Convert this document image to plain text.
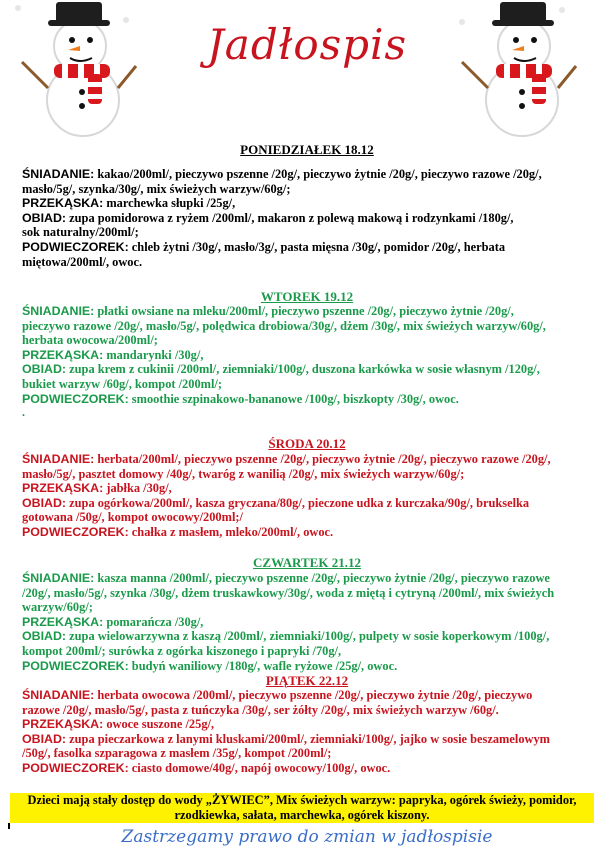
Jadłospis
PONIEDZIAŁEK 18.12
ŚNIADANIE: kakao/200ml/, pieczywo pszenne /20g/, pieczywo żytnie /20g/, pieczywo razowe /20g/,
masło/5g/, szynka/30g/, mix świeżych warzyw/60g/;
PRZEKĄSKA: marchewka słupki /25g/,
OBIAD: zupa pomidorowa z ryżem /200ml/, makaron z polewą makową i rodzynkami /180g/,
sok naturalny/200ml/;
PODWIECZOREK: chleb żytni /30g/, masło/3g/, pasta mięsna /30g/, pomidor /20g/, herbata
miętowa/200ml/, owoc.
WTOREK 19.12
ŚNIADANIE: płatki owsiane na mleku/200ml/, pieczywo pszenne /20g/, pieczywo żytnie /20g/,
pieczywo razowe /20g/, masło/5g/, polędwica drobiowa/30g/, dżem /30g/, mix świeżych warzyw/60g/,
herbata owocowa/200ml/;
PRZEKĄSKA: mandarynki /30g/,
OBIAD: zupa krem z cukinii /200ml/, ziemniaki/100g/, duszona karkówka w sosie własnym /120g/,
bukiet warzyw /60g/, kompot /200ml/;
PODWIECZOREK: smoothie szpinakowo-bananowe /100g/, biszkopty /30g/, owoc.
.
ŚRODA 20.12
ŚNIADANIE: herbata/200ml/, pieczywo pszenne /20g/, pieczywo żytnie /20g/, pieczywo razowe /20g/,
masło/5g/, pasztet domowy /40g/, twaróg z wanilią /20g/, mix świeżych warzyw/60g/;
PRZEKĄSKA: jabłka /30g/,
OBIAD: zupa ogórkowa/200ml/, kasza gryczana/80g/, pieczone udka z kurczaka/90g/, brukselka
gotowana /50g/, kompot owocowy/200ml;/
PODWIECZOREK: chałka z masłem, mleko/200ml/, owoc.
CZWARTEK 21.12
ŚNIADANIE: kasza manna /200ml/, pieczywo pszenne /20g/, pieczywo żytnie /20g/, pieczywo razowe
/20g/, masło/5g/, szynka /30g/, dżem truskawkowy/30g/, woda z miętą i cytryną /200ml/, mix świeżych
warzyw/60g/;
PRZEKĄSKA: pomarańcza /30g/,
OBIAD: zupa wielowarzywna z kaszą /200ml/, ziemniaki/100g/, pulpety w sosie koperkowym /100g/,
kompot 200ml/; surówka z ogórka kiszonego i papryki /70g/,
PODWIECZOREK: budyń waniliowy /180g/, wafle ryżowe /25g/, owoc.
PIĄTEK 22.12
ŚNIADANIE: herbata owocowa /200ml/, pieczywo pszenne /20g/, pieczywo żytnie /20g/, pieczywo
razowe /20g/, masło/5g/, pasta z tuńczyka /30g/, ser żółty /20g/, mix świeżych warzyw /60g/.
PRZEKĄSKA: owoce suszone /25g/,
OBIAD: zupa pieczarkowa z lanymi kluskami/200ml/, ziemniaki/100g/, jajko w sosie beszamelowym
/50g/, fasolka szparagowa z masłem /35g/, kompot /200ml/;
PODWIECZOREK: ciasto domowe/40g/, napój owocowy/100g/, owoc.
Dzieci mają stały dostęp do wody „ŻYWIEC”, Mix świeżych warzyw: papryka, ogórek świeży, pomidor,
rzodkiewka, sałata, marchewka, ogórek kiszony.
Zastrzegamy prawo do zmian w jadłospisie
